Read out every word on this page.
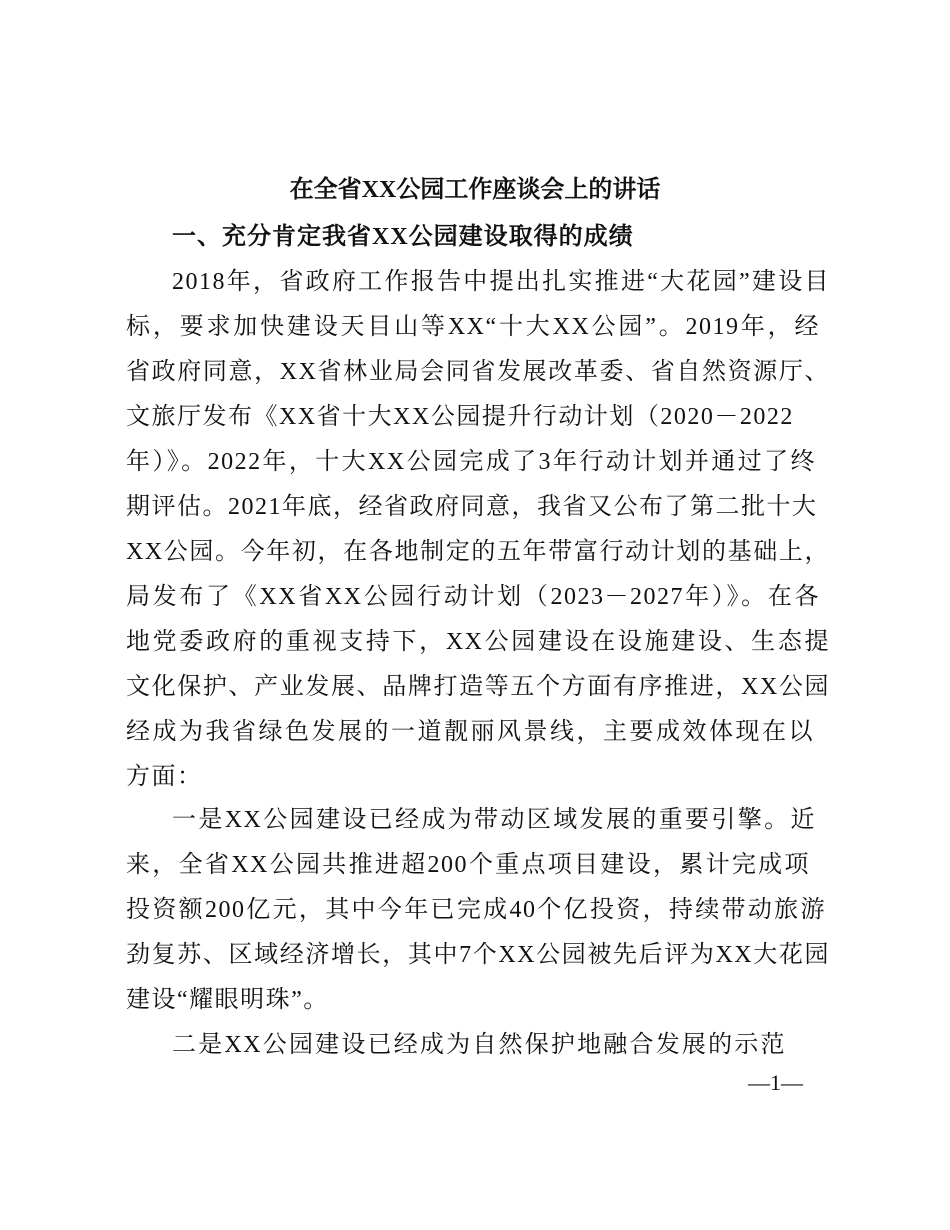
在全省XX公园工作座谈会上的讲话
一、充分肯定我省XX公园建设取得的成绩
2018年，省政府工作报告中提出扎实推进“大花园”建设目
标，要求加快建设天目山等XX“十大XX公园”。2019年，经
省政府同意，XX省林业局会同省发展改革委、省自然资源厅、
文旅厅发布《XX省十大XX公园提升行动计划（2020－2022
年）》。2022年，十大XX公园完成了3年行动计划并通过了终
期评估。2021年底，经省政府同意，我省又公布了第二批十大
XX公园。今年初，在各地制定的五年带富行动计划的基础上，
局发布了《XX省XX公园行动计划（2023－2027年）》。在各
地党委政府的重视支持下，XX公园建设在设施建设、生态提
文化保护、产业发展、品牌打造等五个方面有序推进，XX公园
经成为我省绿色发展的一道靓丽风景线，主要成效体现在以
方面：
一是XX公园建设已经成为带动区域发展的重要引擎。近
来，全省XX公园共推进超200个重点项目建设，累计完成项
投资额200亿元，其中今年已完成40个亿投资，持续带动旅游
劲复苏、区域经济增长，其中7个XX公园被先后评为XX大花园
建设“耀眼明珠”。
二是XX公园建设已经成为自然保护地融合发展的示范
—1—
